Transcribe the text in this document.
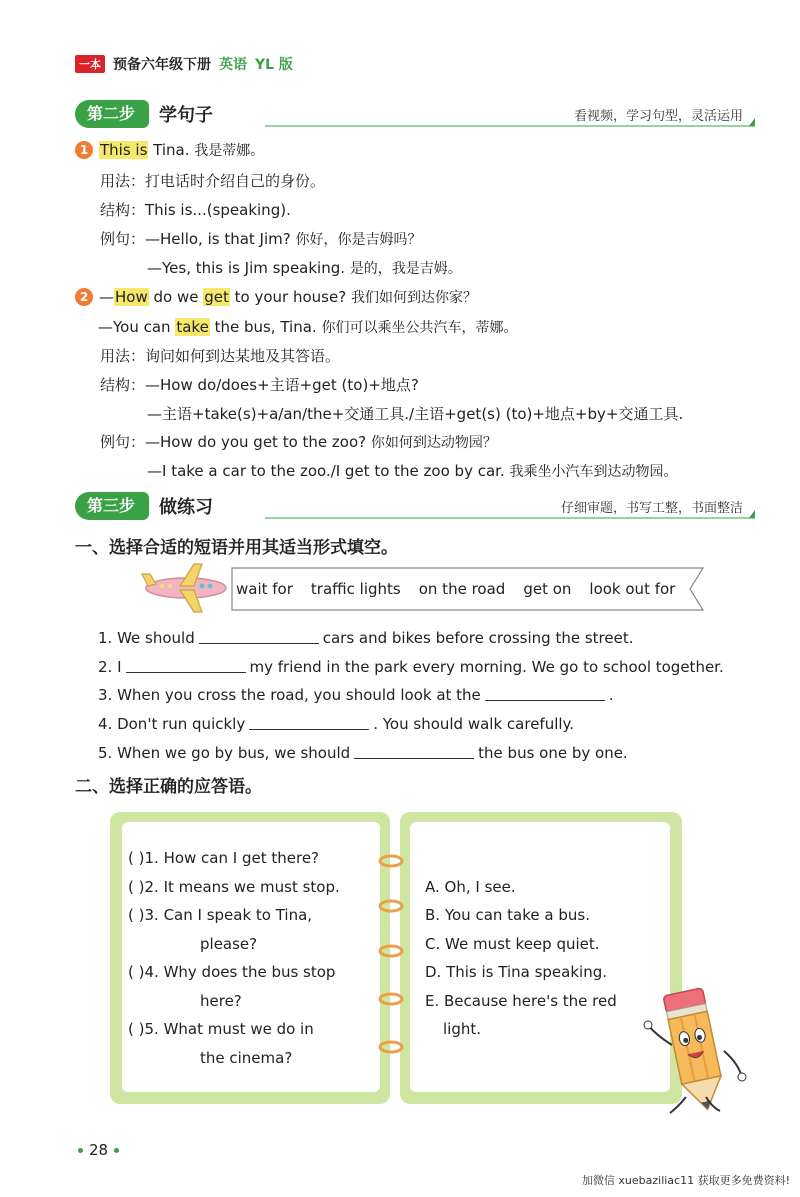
一本 预备六年级下册 英语 YL 版
第二步	学句子	看视频，学习句型，灵活运用
1 This is Tina. 我是蒂娜。
用法：打电话时介绍自己的身份。
结构：This is...(speaking).
例句：—Hello, is that Jim? 你好，你是吉姆吗？
—Yes, this is Jim speaking. 是的，我是吉姆。
2 —How do we get to your house? 我们如何到达你家？
—You can take the bus, Tina. 你们可以乘坐公共汽车，蒂娜。
用法：询问如何到达某地及其答语。
结构：—How do/does+主语+get (to)+地点?
—主语+take(s)+a/an/the+交通工具./主语+get(s) (to)+地点+by+交通工具.
例句：—How do you get to the zoo? 你如何到达动物园？
—I take a car to the zoo./I get to the zoo by car. 我乘坐小汽车到达动物园。
第三步	做练习	仔细审题，书写工整，书面整洁
一、选择合适的短语并用其适当形式填空。
wait for traffic lights on the road get on look out for
1. We should	cars and bikes before crossing the street.
2. I	my friend in the park every morning. We go to school together.
3. When you cross the road, you should look at the	.
4. Don't run quickly	. You should walk carefully.
5. When we go by bus, we should	the bus one by one.
二、选择正确的应答语。
( )1. How can I get there?
( )2. It means we must stop.
( )3. Can I speak to Tina,
please?
( )4. Why does the bus stop
here?
( )5. What must we do in
the cinema?
A. Oh, I see.
B. You can take a bus.
C. We must keep quiet.
D. This is Tina speaking.
E. Because here's the red
light.
28
加微信 xuebaziliac11 获取更多免费资料!
